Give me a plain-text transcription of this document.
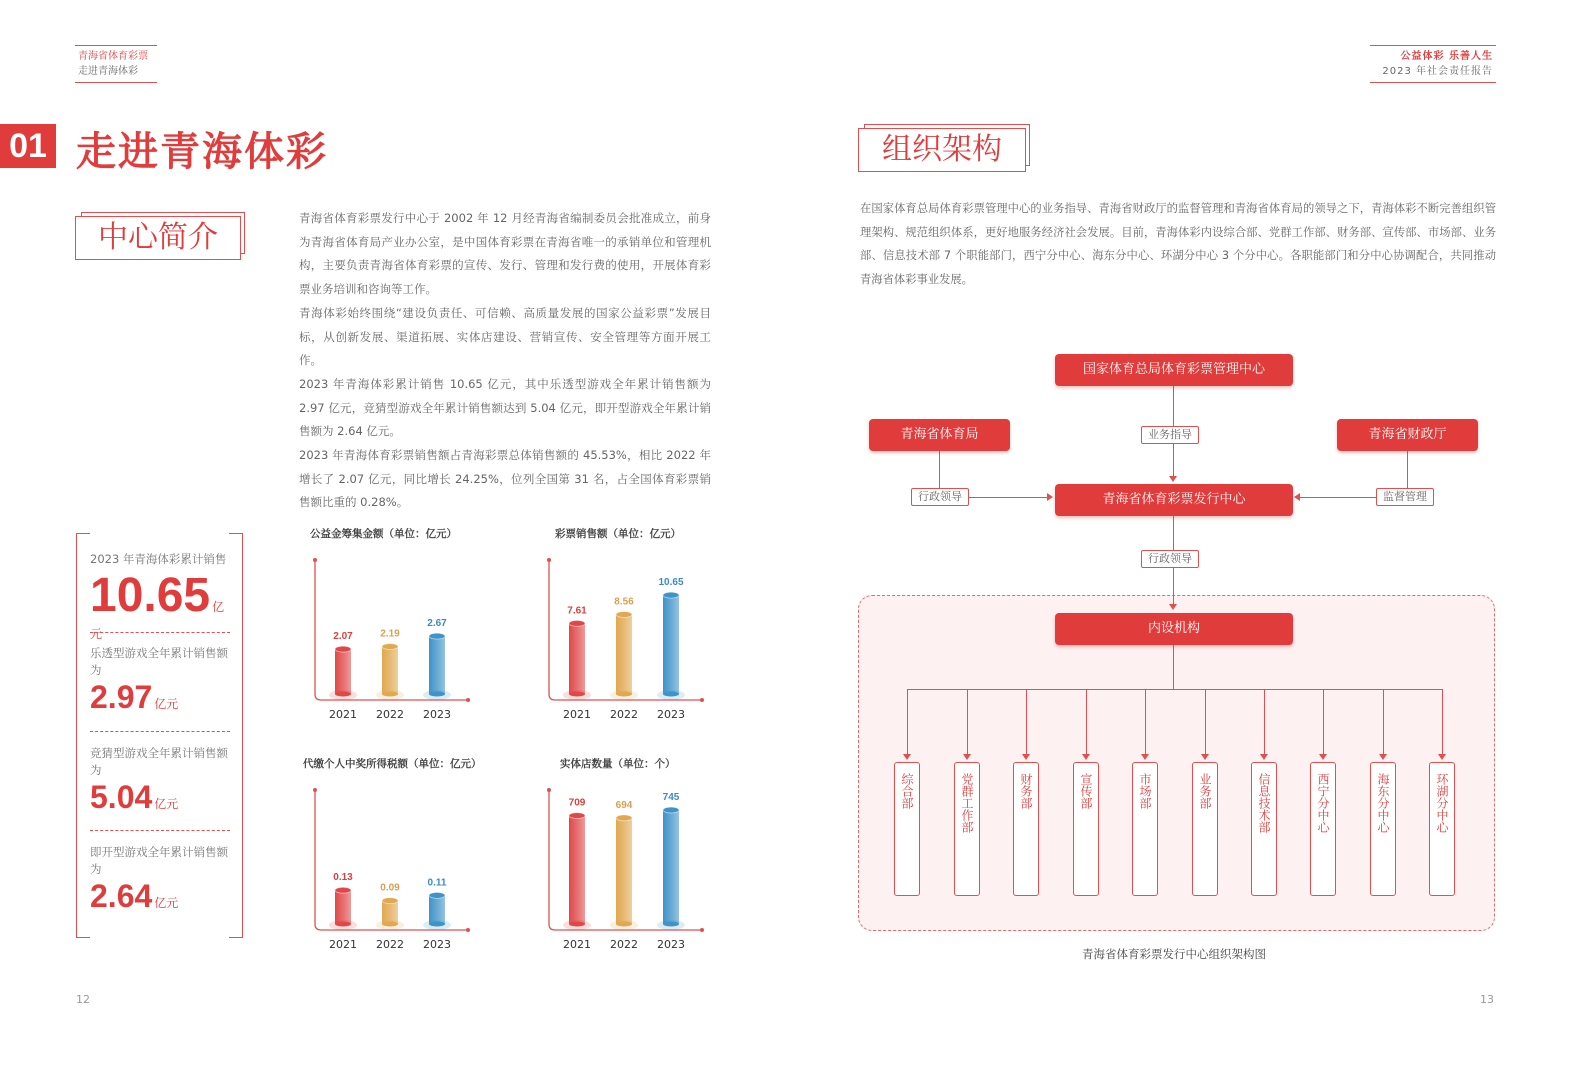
青海省体育彩票
走进青海体彩
公益体彩 乐善人生
2023 年社会责任报告
01 走进青海体彩
中心简介

青海省体育彩票发行中心于 2002 年 12 月经青海省编制委员会批准成立，前身为青海省体育局产业办公室，是中国体育彩票在青海省唯一的承销单位和管理机构，主要负责青海省体育彩票的宣传、发行、管理和发行费的使用，开展体育彩票业务培训和咨询等工作。

青海体彩始终围绕“建设负责任、可信赖、高质量发展的国家公益彩票”发展目标，从创新发展、渠道拓展、实体店建设、营销宣传、安全管理等方面开展工作。

2023 年青海体彩累计销售 10.65 亿元，其中乐透型游戏全年累计销售额为 2.97 亿元，竞猜型游戏全年累计销售额达到 5.04 亿元，即开型游戏全年累计销售额为 2.64 亿元。

2023 年青海体育彩票销售额占青海彩票总体销售额的 45.53%，相比 2022 年增长了 2.07 亿元，同比增长 24.25%，位列全国第 31 名，占全国体育彩票销售额比重的 0.28%。

2023 年青海体彩累计销售
10.65 亿元
乐透型游戏全年累计销售额为
2.97 亿元
竞猜型游戏全年累计销售额为
5.04 亿元
即开型游戏全年累计销售额为
2.64 亿元
公益金筹集金额（单位：亿元）
2.07
2021
2.19
2022
2.67
2023
彩票销售额（单位：亿元）
7.61
2021
8.56
2022
10.65
2023
代缴个人中奖所得税额（单位：亿元）
0.13
2021
0.09
2022
0.11
2023
实体店数量（单位：个）
709
2021
694
2022
745
2023
组织架构

在国家体育总局体育彩票管理中心的业务指导、青海省财政厅的监督管理和青海省体育局的领导之下，青海体彩不断完善组织管理架构、规范组织体系，更好地服务经济社会发展。目前，青海体彩内设综合部、党群工作部、财务部、宣传部、市场部、业务部、信息技术部 7 个职能部门，西宁分中心、海东分中心、环湖分中心 3 个分中心。各职能部门和分中心协调配合，共同推动青海省体彩事业发展。

国家体育总局体育彩票管理中心
青海省体育局	青海省财政厅
青海省体育彩票发行中心
内设机构
业务指导
行政领导	监督管理
行政领导
综合部	党群工作部	财务部	宣传部	市场部	业务部	信息技术部	西宁分中心	海东分中心	环湖分中心
青海省体育彩票发行中心组织架构图
12	13
